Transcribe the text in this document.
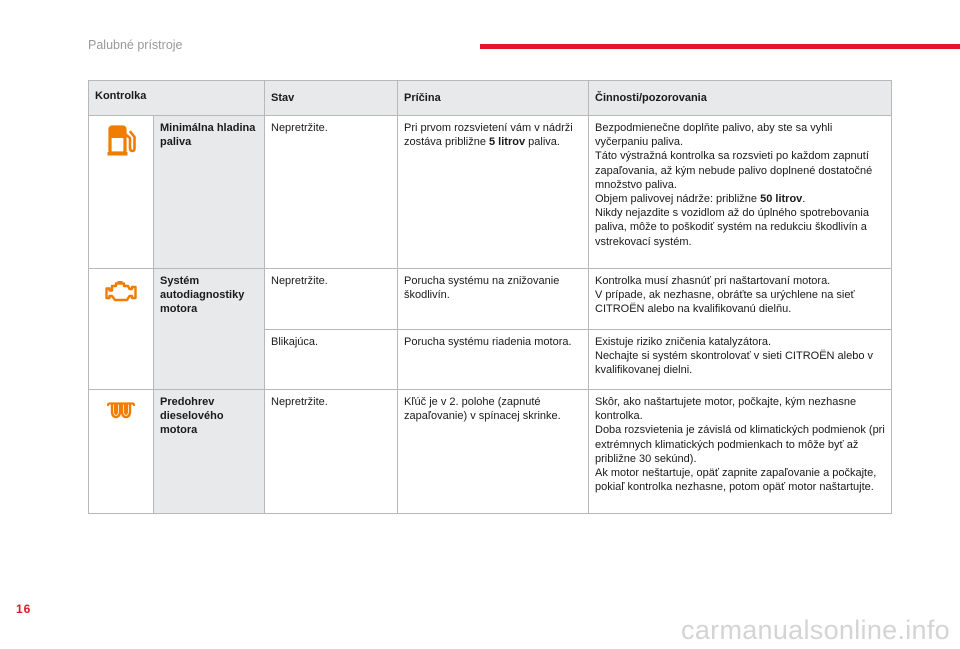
Palubné prístroje
Kontrolka		Stav	Príčina	Činnosti/pozorovania

	Minimálna hladina paliva	Nepretržite.	Pri prvom rozsvietení vám v nádrži zostáva približne 5 litrov paliva.	Bezpodmienečne doplňte palivo, aby ste sa vyhli vyčerpaniu paliva.
Táto výstražná kontrolka sa rozsvieti po každom zapnutí zapaľovania, až kým nebude palivo doplnené dostatočné množstvo paliva.
Objem palivovej nádrže: približne 50 litrov.
Nikdy nejazdite s vozidlom až do úplného spotrebovania paliva, môže to poškodiť systém na redukciu škodlivín a vstrekovací systém.

	Systém autodiagnostiky motora	Nepretržite.	Porucha systému na znižovanie škodlivín.	Kontrolka musí zhasnúť pri naštartovaní motora.
V prípade, ak nezhasne, obráťte sa urýchlene na sieť CITROËN alebo na kvalifikovanú dielňu.

		Blikajúca.	Porucha systému riadenia motora.	Existuje riziko zničenia katalyzátora.
Nechajte si systém skontrolovať v sieti CITROËN alebo v kvalifikovanej dielni.

	Predohrev dieselového motora	Nepretržite.	Kľúč je v 2. polohe (zapnuté zapaľovanie) v spínacej skrinke.	Skôr, ako naštartujete motor, počkajte, kým nezhasne kontrolka.
Doba rozsvietenia je závislá od klimatických podmienok (pri extrémnych klimatických podmienkach to môže byť až približne 30 sekúnd).
Ak motor neštartuje, opäť zapnite zapaľovanie a počkajte, pokiaľ kontrolka nezhasne, potom opäť motor naštartujte.
16
carmanualsonline.info
